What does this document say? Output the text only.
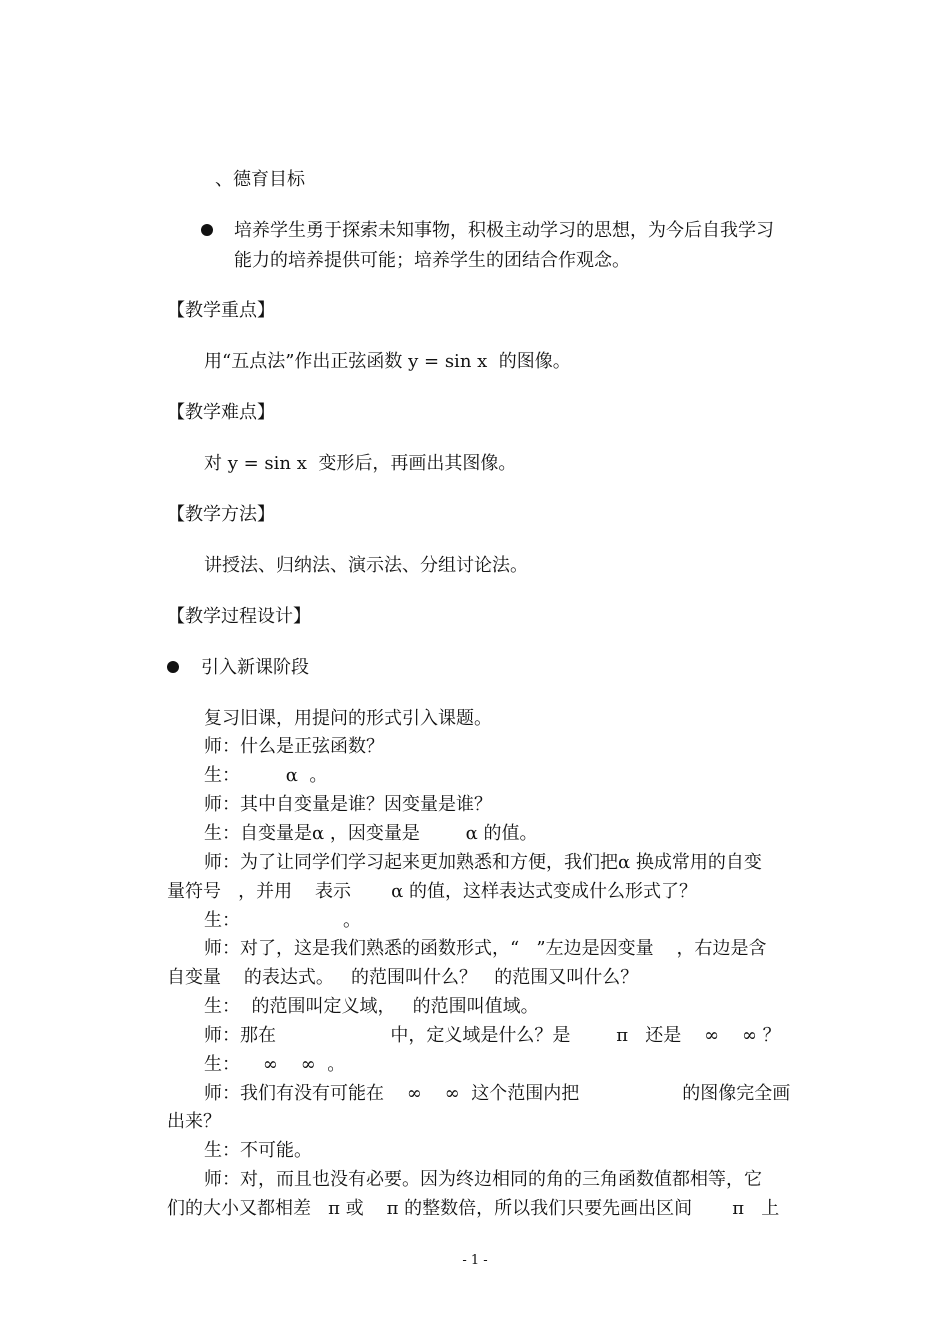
、德育目标
培养学生勇于探索未知事物，积极主动学习的思想，为今后自我学习
能力的培养提供可能；培养学生的团结合作观念。
【教学重点】
用“五点法”作出正弦函数 y = sin x  的图像。
【教学难点】
对 y = sin x  变形后，再画出其图像。
【教学方法】
讲授法、归纳法、演示法、分组讨论法。
【教学过程设计】
引入新课阶段
复习旧课，用提问的形式引入课题。
师：什么是正弦函数？
生：        α  。
师：其中自变量是谁？因变量是谁？
生：自变量是α ，因变量是        α 的值。
师：为了让同学们学习起来更加熟悉和方便，我们把α 换成常用的自变
量符号   ，并用    表示       α 的值，这样表达式变成什么形式了？
生：                  。
师：对了，这是我们熟悉的函数形式，“   ”左边是因变量    ，右边是含
自变量    的表达式。   的范围叫什么？   的范围又叫什么？
生：  的范围叫定义域，   的范围叫值域。
师：那在                    中，定义域是什么？是        π   还是    ∞    ∞ ？
生：    ∞    ∞  。
师：我们有没有可能在    ∞    ∞  这个范围内把                  的图像完全画
出来？
生：不可能。
师：对，而且也没有必要。因为终边相同的角的三角函数值都相等，它
们的大小又都相差   π 或    π 的整数倍，所以我们只要先画出区间       π   上
- 1 -
